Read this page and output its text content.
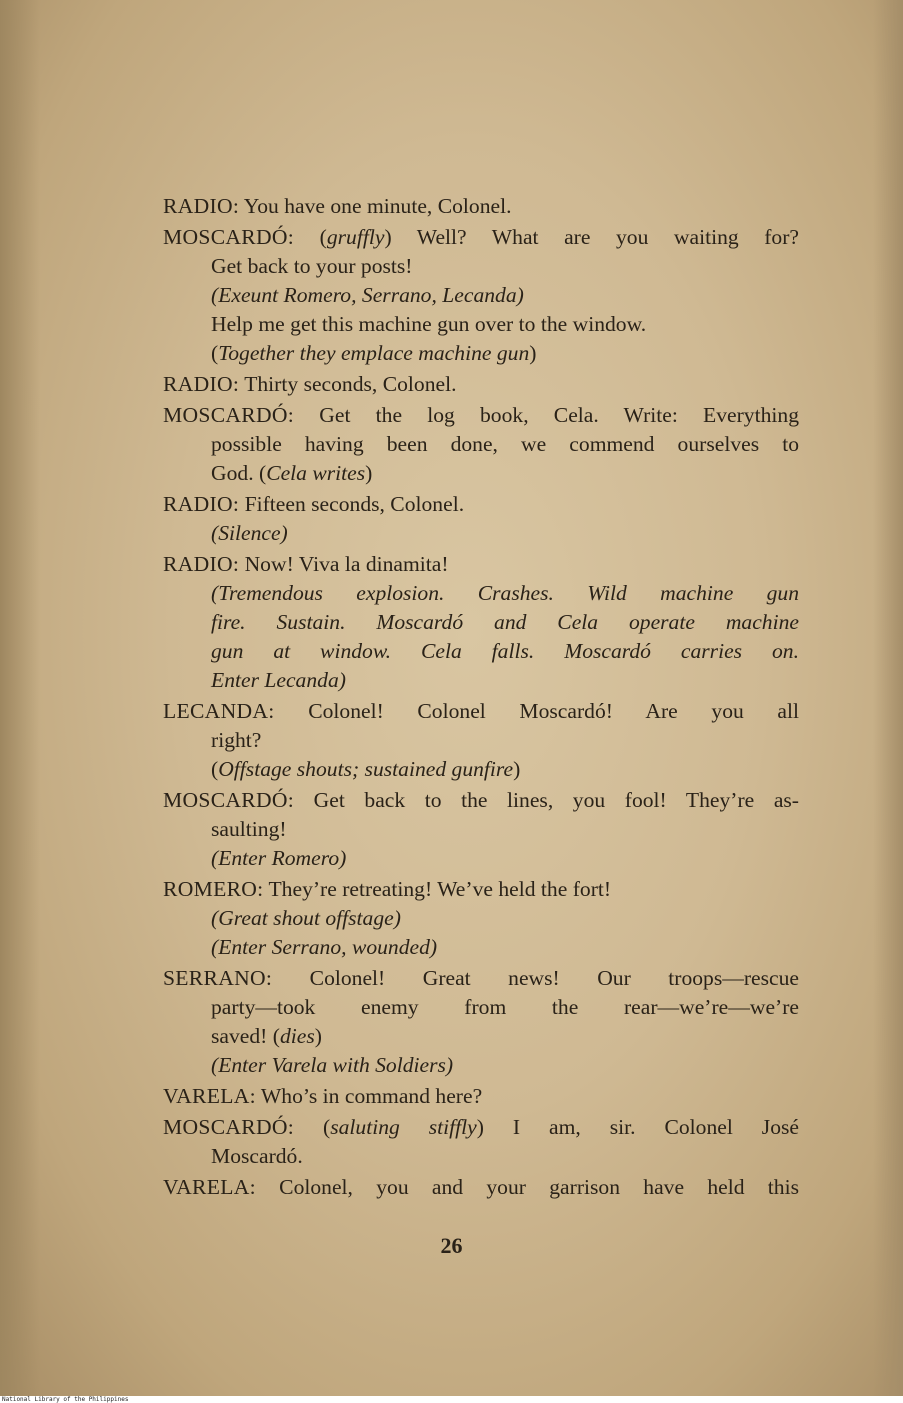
RADIO: You have one minute, Colonel.
MOSCARDÓ: (gruffly) Well? What are you waiting for?
Get back to your posts!
(Exeunt Romero, Serrano, Lecanda)
Help me get this machine gun over to the window.
(Together they emplace machine gun)
RADIO: Thirty seconds, Colonel.
MOSCARDÓ: Get the log book, Cela. Write: Everything
possible having been done, we commend ourselves to
God. (Cela writes)
RADIO: Fifteen seconds, Colonel.
(Silence)
RADIO: Now! Viva la dinamita!
(Tremendous explosion. Crashes. Wild machine gun
fire. Sustain. Moscardó and Cela operate machine
gun at window. Cela falls. Moscardó carries on.
Enter Lecanda)
LECANDA: Colonel! Colonel Moscardó! Are you all
right?
(Offstage shouts; sustained gunfire)
MOSCARDÓ: Get back to the lines, you fool! They’re as-
saulting!
(Enter Romero)
ROMERO: They’re retreating! We’ve held the fort!
(Great shout offstage)
(Enter Serrano, wounded)
SERRANO: Colonel! Great news! Our troops—rescue
party—took enemy from the rear—we’re—we’re
saved! (dies)
(Enter Varela with Soldiers)
VARELA: Who’s in command here?
MOSCARDÓ: (saluting stiffly) I am, sir. Colonel José
Moscardó.
VARELA: Colonel, you and your garrison have held this
26
National Library of the Philippines
